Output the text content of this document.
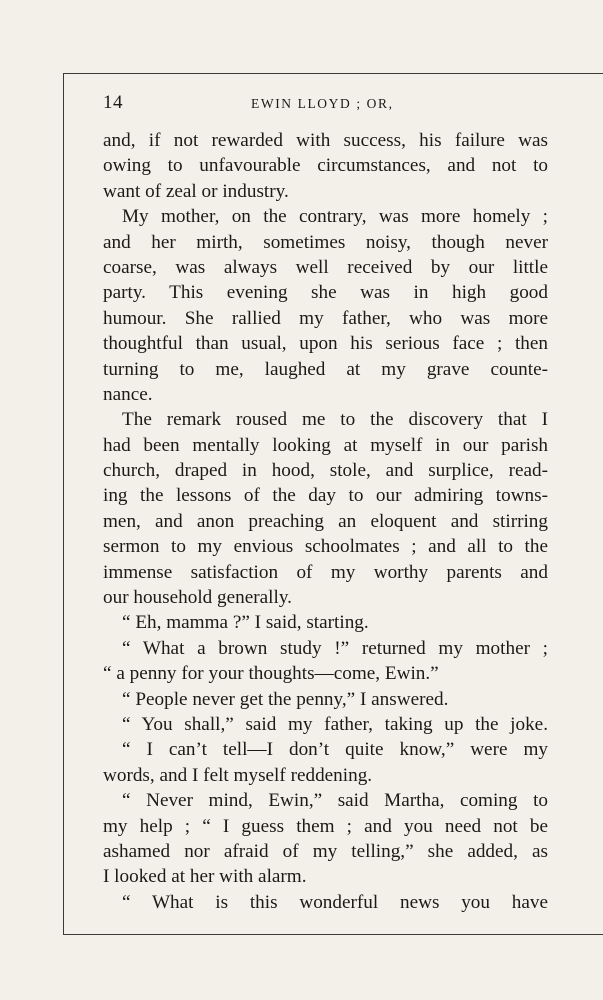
14	EWIN LLOYD ; OR,
and, if not rewarded with success, his failure was
owing to unfavourable circumstances, and not to
want of zeal or industry.
My mother, on the contrary, was more homely ;
and her mirth, sometimes noisy, though never
coarse, was always well received by our little
party. This evening she was in high good
humour. She rallied my father, who was more
thoughtful than usual, upon his serious face ; then
turning to me, laughed at my grave counte-
nance.
The remark roused me to the discovery that I
had been mentally looking at myself in our parish
church, draped in hood, stole, and surplice, read-
ing the lessons of the day to our admiring towns-
men, and anon preaching an eloquent and stirring
sermon to my envious schoolmates ; and all to the
immense satisfaction of my worthy parents and
our household generally.
“ Eh, mamma ?” I said, starting.
“ What a brown study !” returned my mother ;
“ a penny for your thoughts—come, Ewin.”
“ People never get the penny,” I answered.
“ You shall,” said my father, taking up the joke.
“ I can’t tell—I don’t quite know,” were my
words, and I felt myself reddening.
“ Never mind, Ewin,” said Martha, coming to
my help ; “ I guess them ; and you need not be
ashamed nor afraid of my telling,” she added, as
I looked at her with alarm.
“ What is this wonderful news you have
